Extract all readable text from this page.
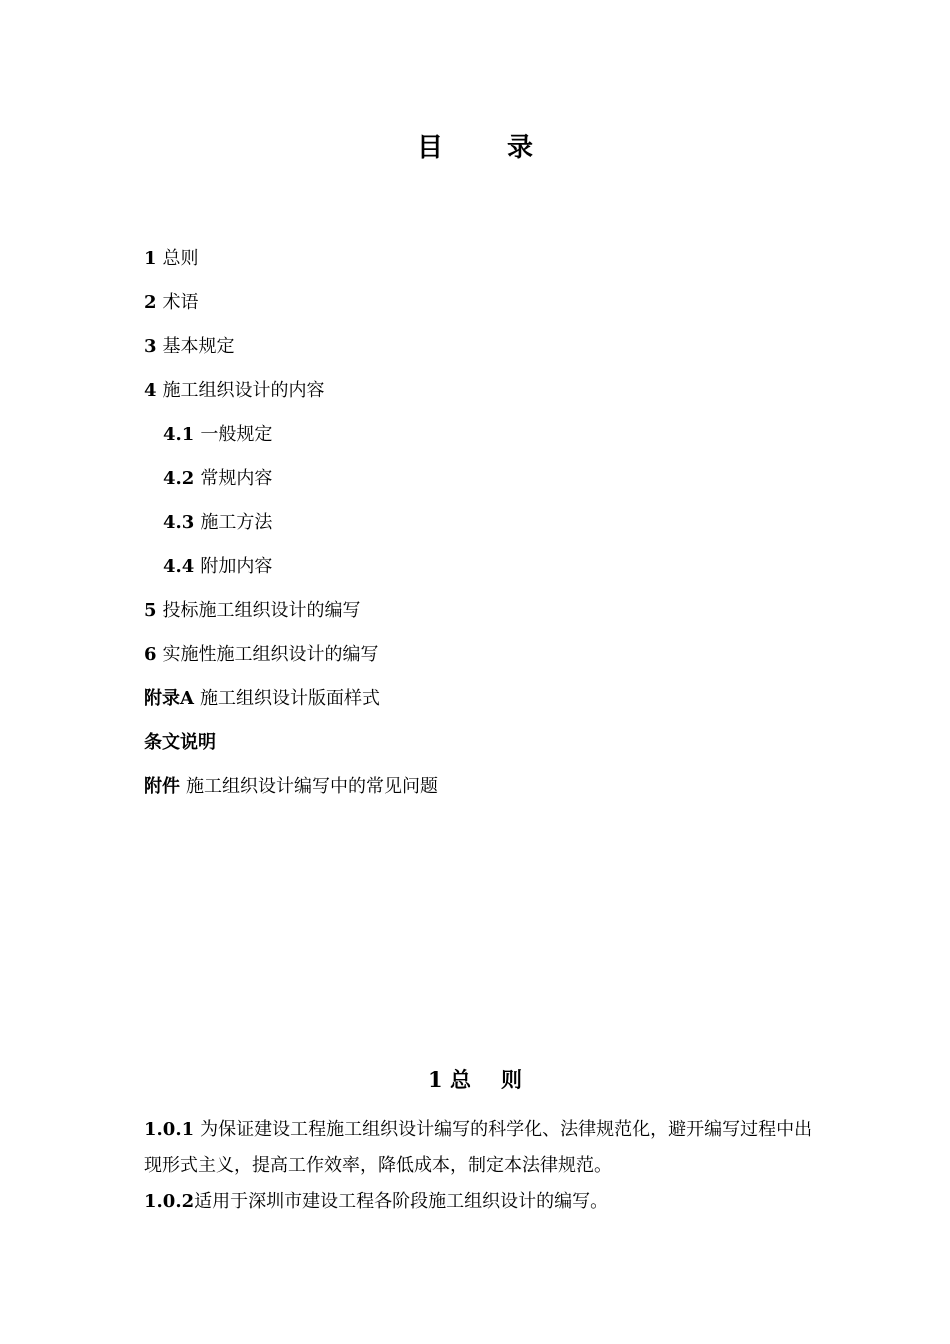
目 录
1 总则
2 术语
3 基本规定
4 施工组织设计的内容
4.1 一般规定
4.2 常规内容
4.3 施工方法
4.4 附加内容
5 投标施工组织设计的编写
6 实施性施工组织设计的编写
附录A 施工组织设计版面样式
条文说明
附件 施工组织设计编写中的常见问题
1 总 则

1.0.1 为保证建设工程施工组织设计编写的科学化、法律规范化，避开编写过程中出现形式主义，提高工作效率，降低成本，制定本法律规范。

1.0.2适用于深圳市建设工程各阶段施工组织设计的编写。
